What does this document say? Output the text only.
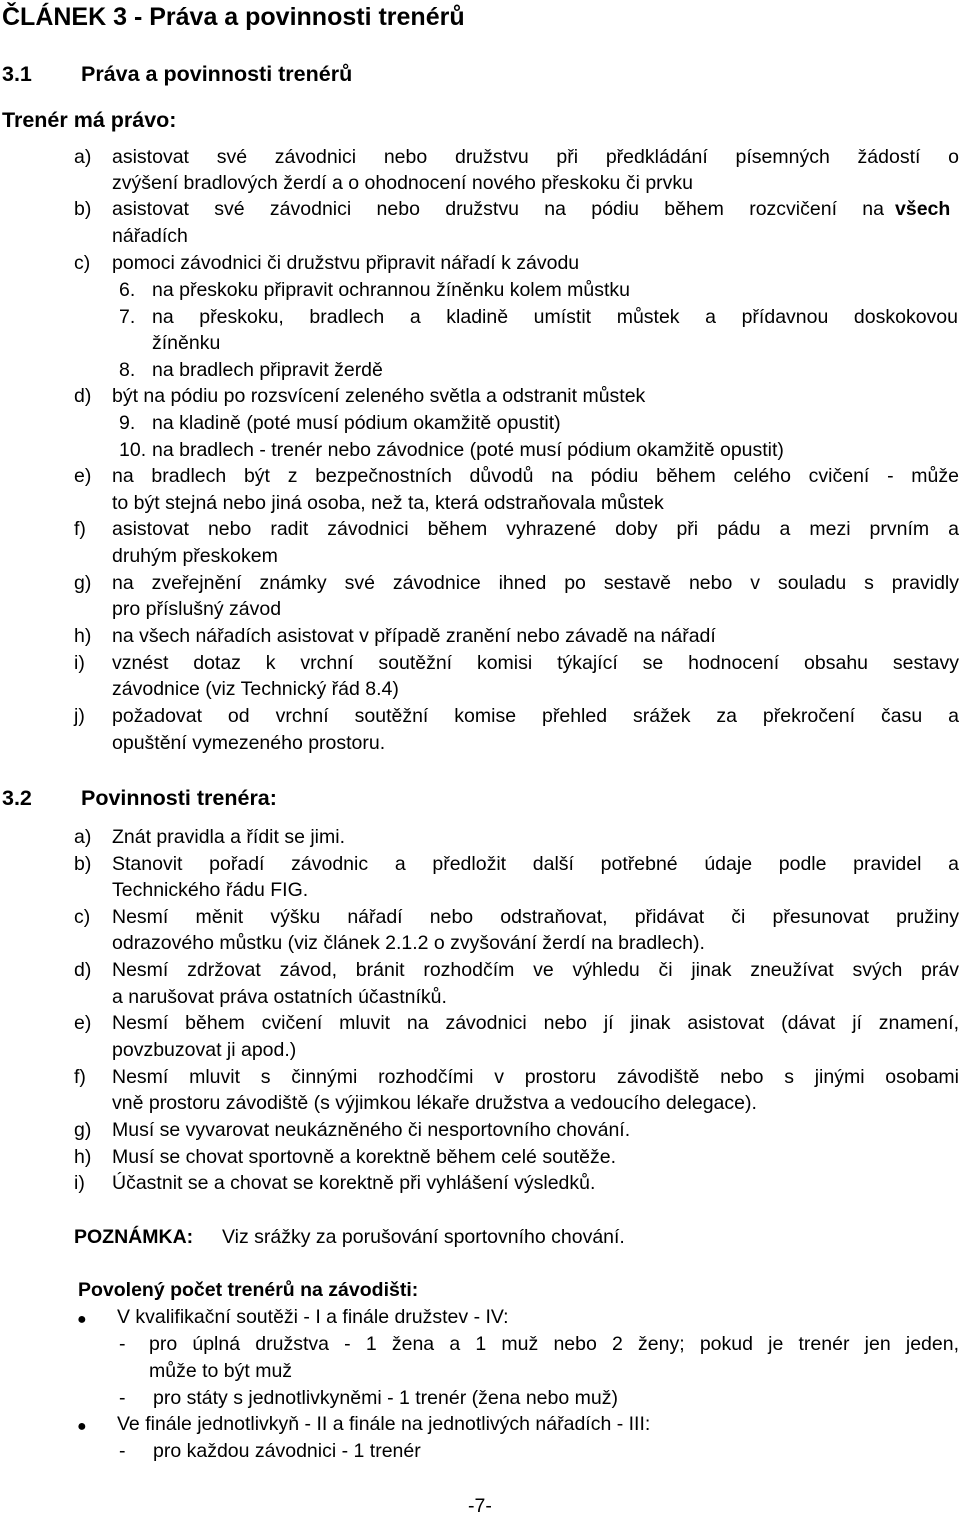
ČLÁNEK 3 - Práva a povinnosti trenérů
3.1 Práva a povinnosti trenérů
Trenér má právo:
a) asistovat své závodnici nebo družstvu při předkládání písemných žádostí o
zvýšení bradlových žerdí a o ohodnocení nového přeskoku či prvku
b) asistovat své závodnici nebo družstvu na pódiu během rozcvičení na všech
nářadích
c) pomoci závodnici či družstvu připravit nářadí k závodu
6. na přeskoku připravit ochrannou žíněnku kolem můstku
7. na přeskoku, bradlech a kladině umístit můstek a přídavnou doskokovou
žíněnku
8. na bradlech připravit žerdě
d) být na pódiu po rozsvícení zeleného světla a odstranit můstek
9. na kladině (poté musí pódium okamžitě opustit)
10. na bradlech - trenér nebo závodnice (poté musí pódium okamžitě opustit)
e) na bradlech být z bezpečnostních důvodů na pódiu během celého cvičení - může
to být stejná nebo jiná osoba, než ta, která odstraňovala můstek
f) asistovat nebo radit závodnici během vyhrazené doby při pádu a mezi prvním a
druhým přeskokem
g) na zveřejnění známky své závodnice ihned po sestavě nebo v souladu s pravidly
pro příslušný závod
h) na všech nářadích asistovat v případě zranění nebo závadě na nářadí
i) vznést dotaz k vrchní soutěžní komisi týkající se hodnocení obsahu sestavy
závodnice (viz Technický řád 8.4)
j) požadovat od vrchní soutěžní komise přehled srážek za překročení času a
opuštění vymezeného prostoru.
3.2 Povinnosti trenéra:
a) Znát pravidla a řídit se jimi.
b) Stanovit pořadí závodnic a předložit další potřebné údaje podle pravidel a
Technického řádu FIG.
c) Nesmí měnit výšku nářadí nebo odstraňovat, přidávat či přesunovat pružiny
odrazového můstku (viz článek 2.1.2 o zvyšování žerdí na bradlech).
d) Nesmí zdržovat závod, bránit rozhodčím ve výhledu či jinak zneužívat svých práv
a narušovat práva ostatních účastníků.
e) Nesmí během cvičení mluvit na závodnici nebo jí jinak asistovat (dávat jí znamení,
povzbuzovat ji apod.)
f) Nesmí mluvit s činnými rozhodčími v prostoru závodiště nebo s jinými osobami
vně prostoru závodiště (s výjimkou lékaře družstva a vedoucího delegace).
g) Musí se vyvarovat neukázněného či nesportovního chování.
h) Musí se chovat sportovně a korektně během celé soutěže.
i) Účastnit se a chovat se korektně při vyhlášení výsledků.
POZNÁMKA: Viz srážky za porušování sportovního chování.
Povolený počet trenérů na závodišti:
● V kvalifikační soutěži - I a finále družstev - IV:
- pro úplná družstva - 1 žena a 1 muž nebo 2 ženy; pokud je trenér jen jeden,
může to být muž
- pro státy s jednotlivkyněmi - 1 trenér (žena nebo muž)
● Ve finále jednotlivkyň - II a finále na jednotlivých nářadích - III:
- pro každou závodnici - 1 trenér
-7-
